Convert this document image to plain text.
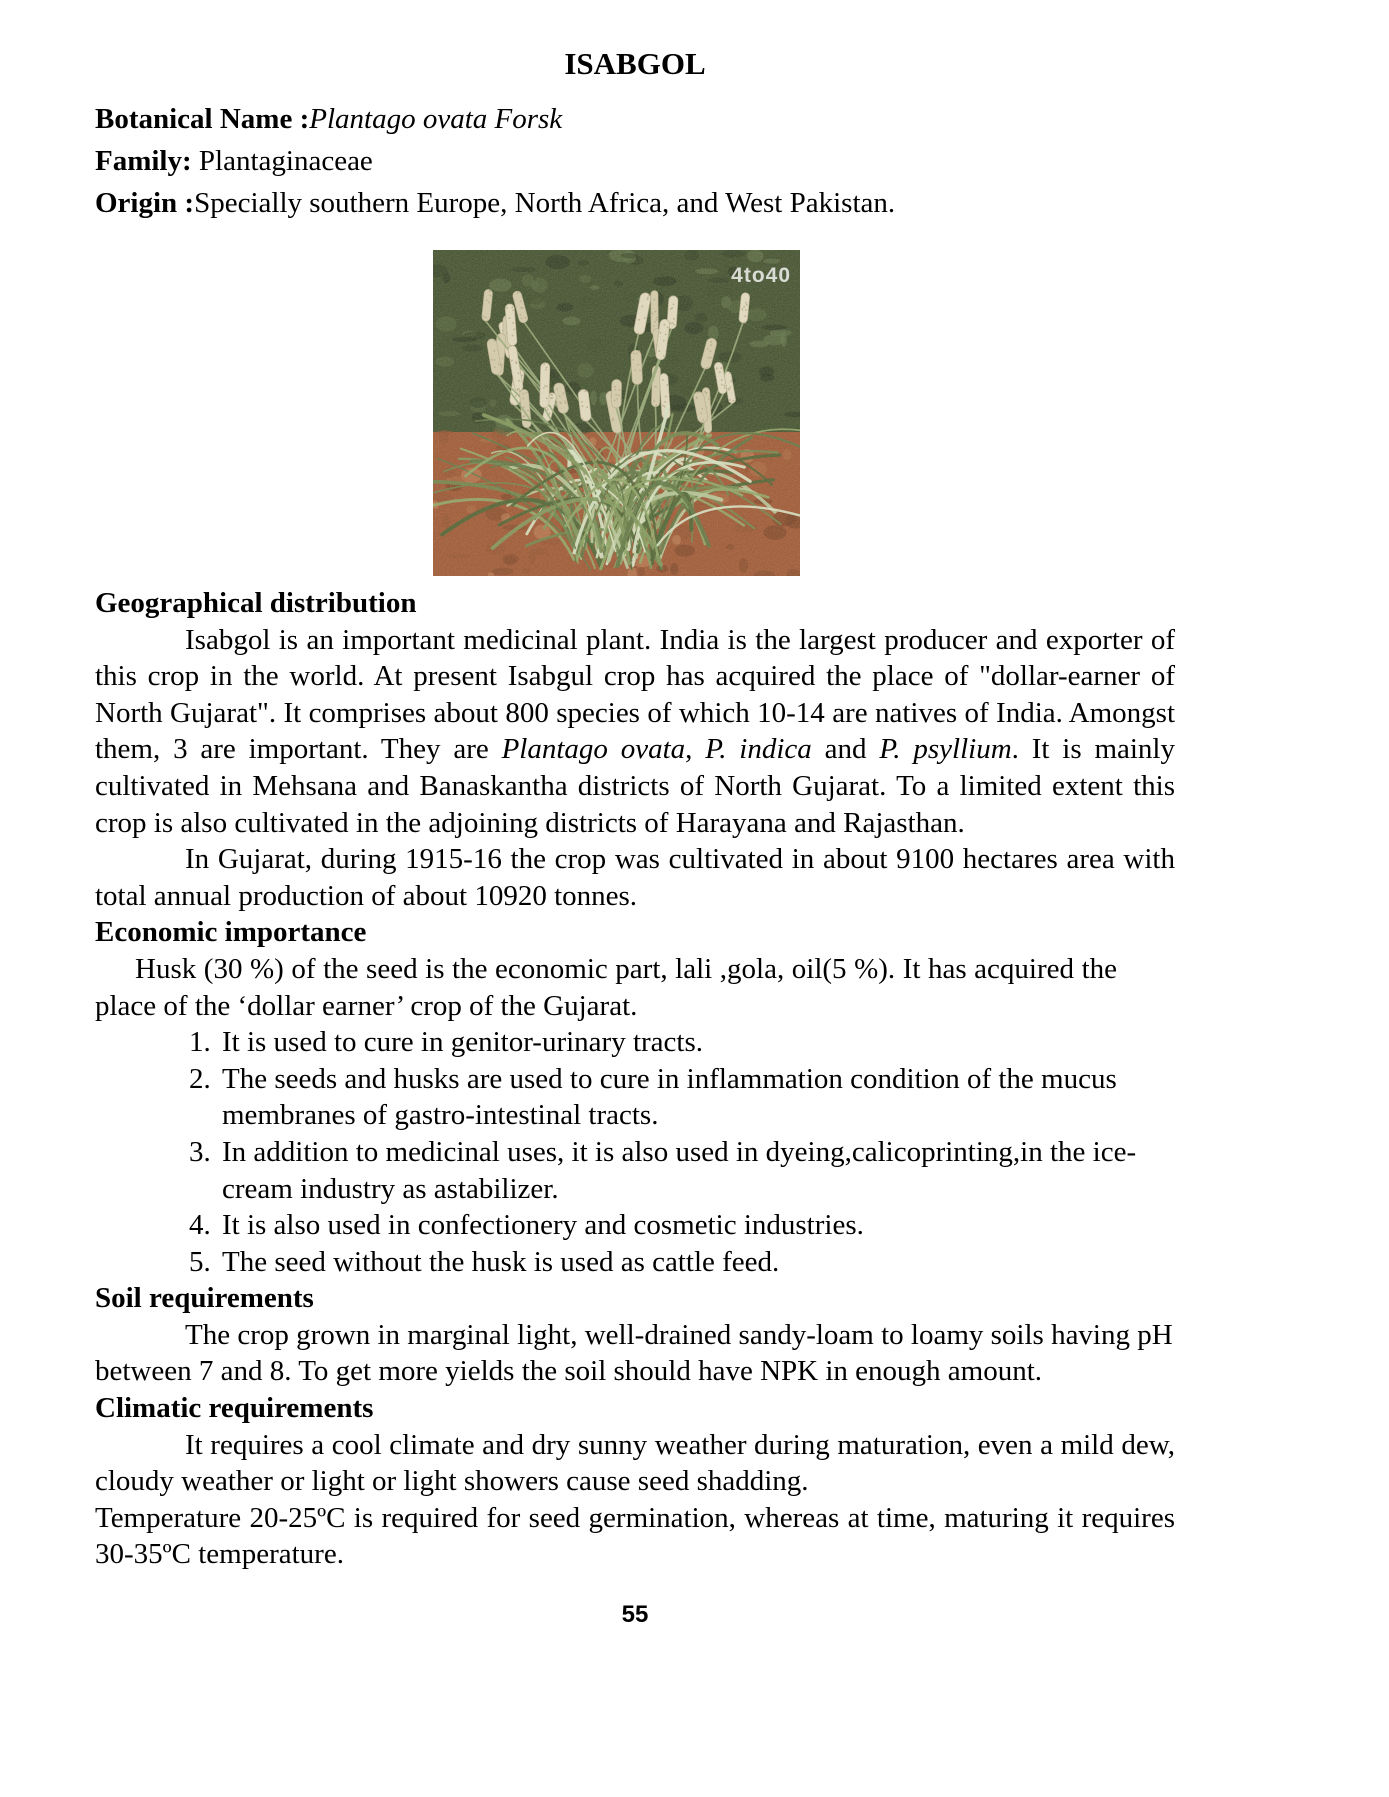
ISABGOL

Botanical Name :Plantago ovata Forsk

Family: Plantaginaceae

Origin :Specially southern Europe, North Africa, and West Pakistan.

4to40
Geographical distribution

Isabgol is an important medicinal plant. India is the largest producer and exporter of this crop in the world. At present Isabgul crop has acquired the place of "dollar-earner of North Gujarat". It comprises about 800 species of which 10-14 are natives of India. Amongst them, 3 are important. They are Plantago ovata, P. indica and P. psyllium. It is mainly cultivated in Mehsana and Banaskantha districts of North Gujarat. To a limited extent this crop is also cultivated in the adjoining districts of Harayana and Rajasthan.

In Gujarat, during 1915-16 the crop was cultivated in about 9100 hectares area with total annual production of about 10920 tonnes.

Economic importance

Husk (30 %) of the seed is the economic part, lali ,gola, oil(5 %). It has acquired the place of the ‘dollar earner’ crop of the Gujarat.

1. It is used to cure in genitor-urinary tracts.
2. The seeds and husks are used to cure in inflammation condition of the mucus membranes of gastro-intestinal tracts.
3. In addition to medicinal uses, it is also used in dyeing,calicoprinting,in the ice-cream industry as astabilizer.
4. It is also used in confectionery and cosmetic industries.
5. The seed without the husk is used as cattle feed.
Soil requirements

The crop grown in marginal light, well-drained sandy-loam to loamy soils having pH between 7 and 8. To get more yields the soil should have NPK in enough amount.

Climatic requirements

It requires a cool climate and dry sunny weather during maturation, even a mild dew, cloudy weather or light or light showers cause seed shadding.

Temperature 20-25ºC is required for seed germination, whereas at time, maturing it requires 30-35ºC temperature.

55
